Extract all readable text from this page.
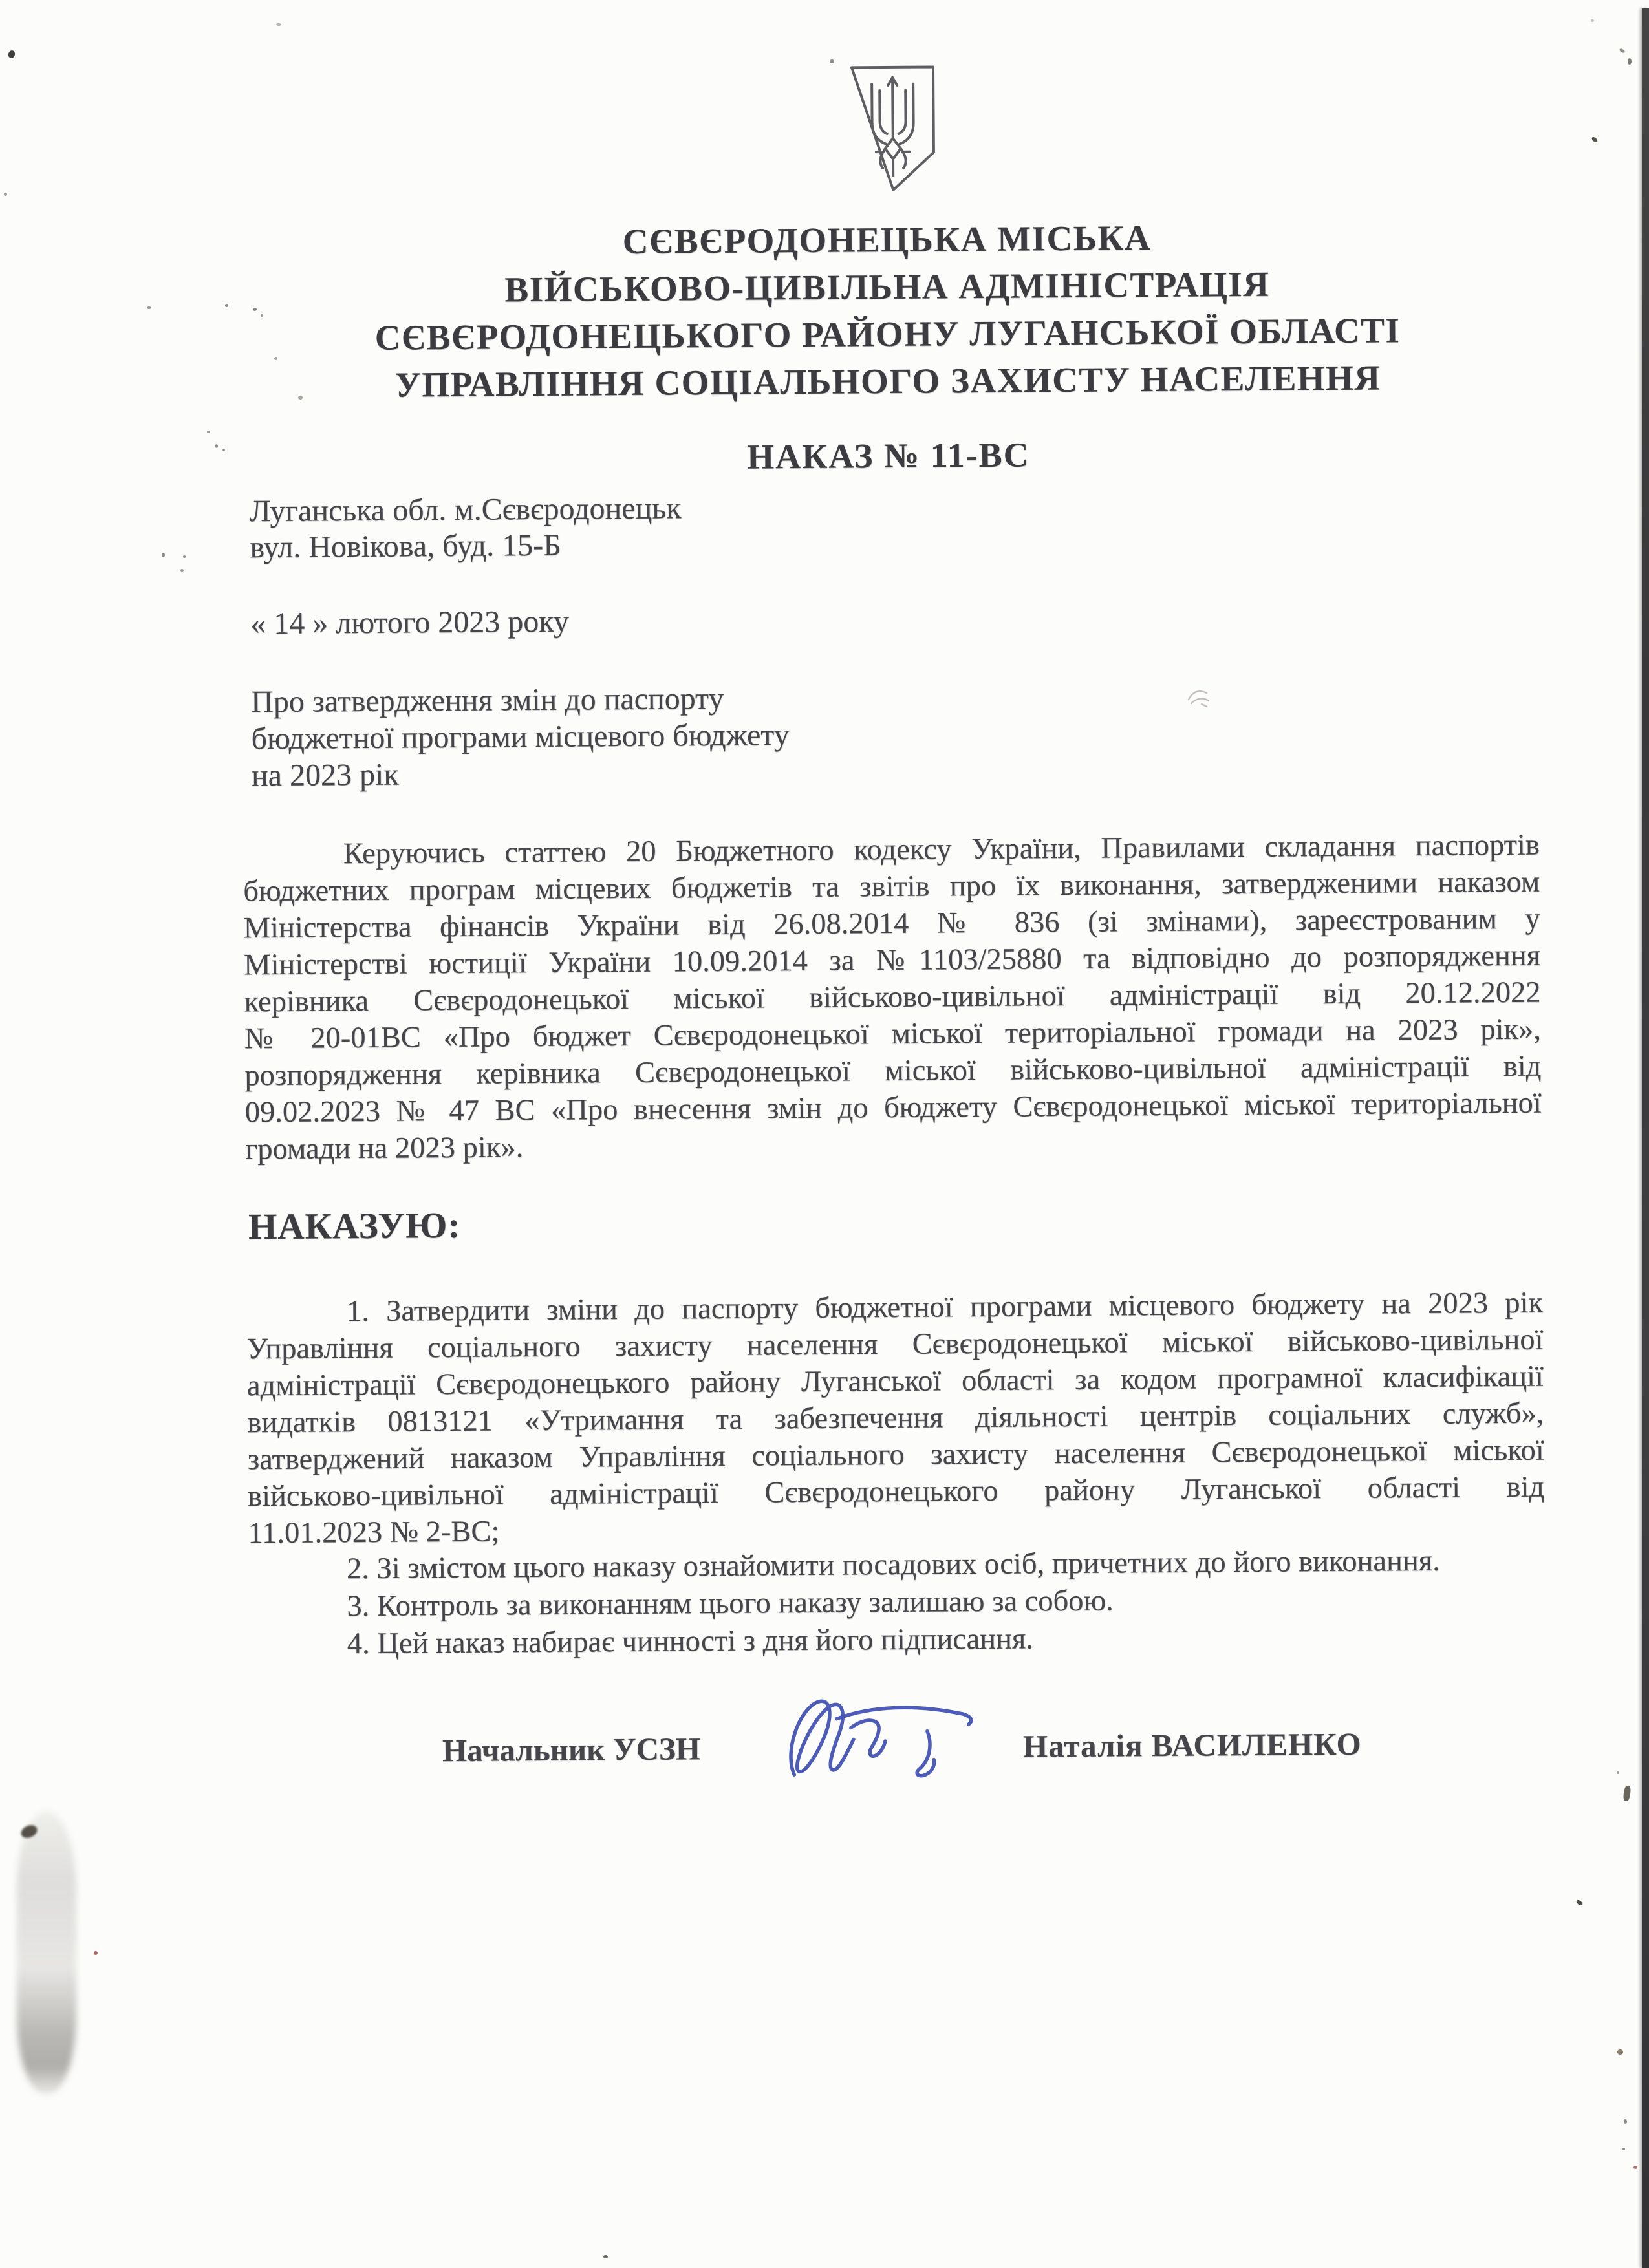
СЄВЄРОДОНЕЦЬКА МІСЬКА
ВІЙСЬКОВО-ЦИВІЛЬНА АДМІНІСТРАЦІЯ
СЄВЄРОДОНЕЦЬКОГО РАЙОНУ ЛУГАНСЬКОЇ ОБЛАСТІ
УПРАВЛІННЯ СОЦІАЛЬНОГО ЗАХИСТУ НАСЕЛЕННЯ
НАКАЗ № 11-ВС
Луганська обл. м.Сєвєродонецьк
вул. Новікова, буд. 15-Б
« 14 » лютого 2023 року
Про затвердження змін до паспорту
бюджетної програми місцевого бюджету
на 2023 рік
Керуючись статтею 20 Бюджетного кодексу України, Правилами складання паспортів
бюджетних програм місцевих бюджетів та звітів про їх виконання, затвердженими наказом
Міністерства фінансів України від 26.08.2014 № 836 (зі змінами), зареєстрованим у
Міністерстві юстиції України 10.09.2014 за №1103/25880 та відповідно до розпорядження
керівника Сєвєродонецької міської військово-цивільної адміністрації від 20.12.2022
№ 20-01ВС «Про бюджет Сєвєродонецької міської територіальної громади на 2023 рік»,
розпорядження керівника Сєвєродонецької міської військово-цивільної адміністрації від
09.02.2023 № 47 ВС «Про внесення змін до бюджету Сєвєродонецької міської територіальної
громади на 2023 рік».
НАКАЗУЮ:
1. Затвердити зміни до паспорту бюджетної програми місцевого бюджету на 2023 рік
Управління соціального захисту населення Сєвєродонецької міської військово-цивільної
адміністрації Сєвєродонецького району Луганської області за кодом програмної класифікації
видатків 0813121 «Утримання та забезпечення діяльності центрів соціальних служб»,
затверджений наказом Управління соціального захисту населення Сєвєродонецької міської
військово-цивільної адміністрації Сєвєродонецького району Луганської області від
11.01.2023 № 2-ВС;
2. Зі змістом цього наказу ознайомити посадових осіб, причетних до його виконання.
3. Контроль за виконанням цього наказу залишаю за собою.
4. Цей наказ набирає чинності з дня його підписання.
Начальник УСЗН	Наталія ВАСИЛЕНКО
